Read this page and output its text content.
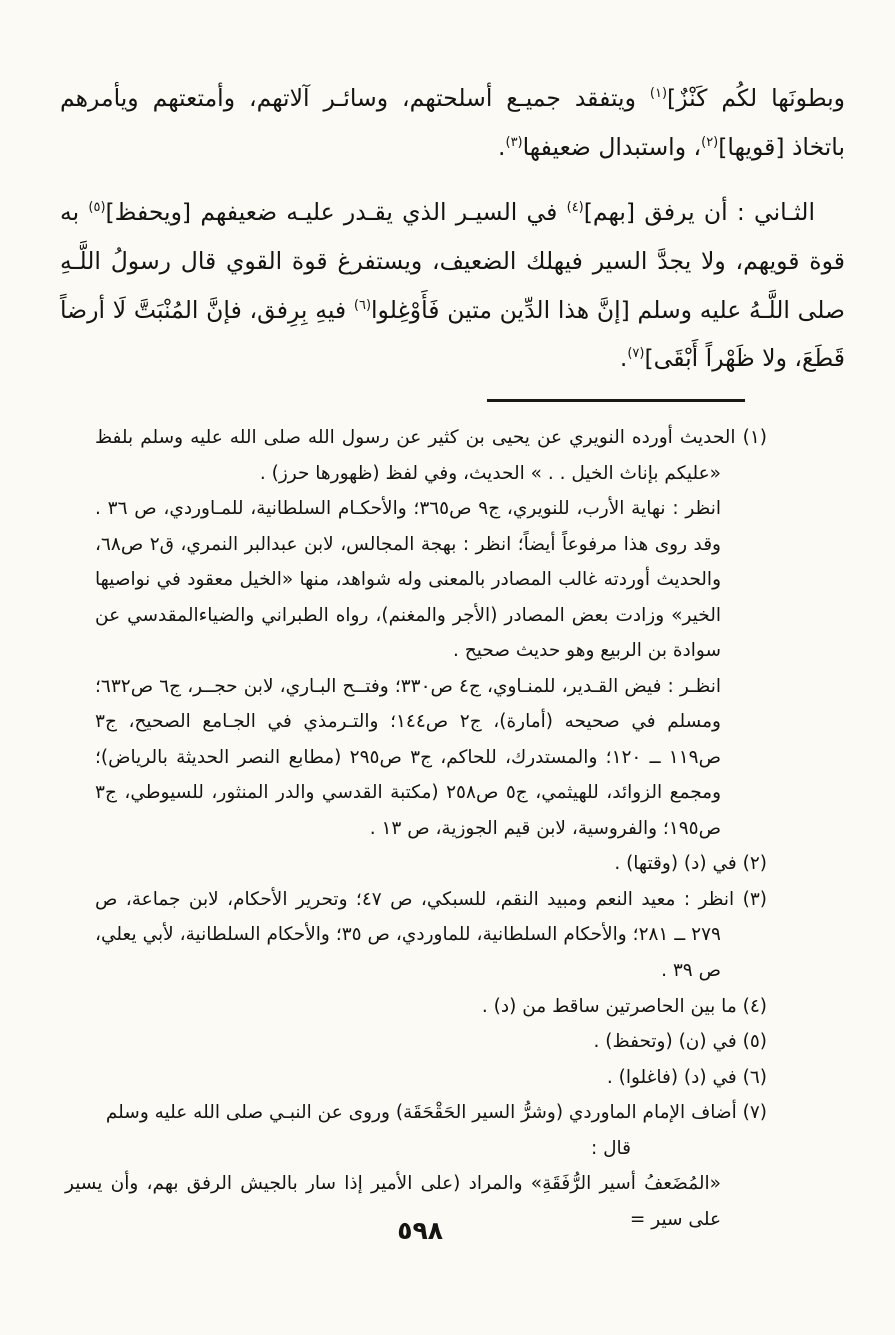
وبطونَها لكُم كَنْزٌ]$^{(١)}$ ويتفقد جميـع أسلحتهم، وسائـر آلاتهم، وأمتعتهم ويأمرهم باتخاذ [قويها]$^{(٢)}$، واستبدال ضعيفها$^{(٣)}$.

الثـاني : أن يرفق [بهم]$^{(٤)}$ في السيـر الذي يقـدر عليـه ضعيفهم [ويحفظ]$^{(٥)}$ به قوة قويهم، ولا يجدَّ السير فيهلك الضعيف، ويستفرغ قوة القوي قال رسولُ اللَّـهِ صلى اللَّـهُ عليه وسلم [إنَّ هذا الدِّين متين فَأَوْغِلوا$^{(٦)}$ فيهِ بِرِفق، فإنَّ المُنْبَتَّ لَا أرضاً قَطَعَ، ولا ظَهْراً أَبْقَى]$^{(٧)}$.

(١) الحديث أورده النويري عن يحيى بن كثير عن رسول الله صلى الله عليه وسلم بلفظ «عليكم بإناث الخيل . . » الحديث، وفي لفظ (ظهورها حرز) .

انظر : نهاية الأرب، للنويري، ج٩ ص٣٦٥؛ والأحكـام السلطانية، للمـاوردي، ص ٣٦ . وقد روى هذا مرفوعاً أيضاً؛ انظر : بهجة المجالس، لابن عبدالبر النمري، ق٢ ص٦٨، والحديث أوردته غالب المصادر بالمعنى وله شواهد، منها «الخيل معقود في نواصيها الخير» وزادت بعض المصادر (الأجر والمغنم)، رواه الطبراني والضياءالمقدسي عن سوادة بن الربيع وهو حديث صحيح .

انظـر : فيض القـدير، للمنـاوي، ج٤ ص٣٣٠؛ وفتــح البـاري، لابن حجــر، ج٦ ص٦٣٢؛ ومسلم في صحيحه (أمارة)، ج٢ ص١٤٤؛ والتـرمذي في الجـامع الصحيح، ج٣ ص١١٩ ــ ١٢٠؛ والمستدرك، للحاكم، ج٣ ص٢٩٥ (مطابع النصر الحديثة بالرياض)؛ ومجمع الزوائد، للهيثمي، ج٥ ص٢٥٨ (مكتبة القدسي والدر المنثور، للسيوطي، ج٣ ص١٩٥؛ والفروسية، لابن قيم الجوزية، ص ١٣ .

(٢) في (د) (وقتها) .

(٣) انظر : معيد النعم ومبيد النقم، للسبكي، ص ٤٧؛ وتحرير الأحكام، لابن جماعة، ص ٢٧٩ ــ ٢٨١؛ والأحكام السلطانية، للماوردي، ص ٣٥؛ والأحكام السلطانية، لأبي يعلي، ص ٣٩ .

(٤) ما بين الحاصرتين ساقط من (د) .

(٥) في (ن) (وتحفظ) .

(٦) في (د) (فاغلوا) .

(٧) أضاف الإمام الماوردي (وشرُّ السير الحَقْحَقَة) وروى عن النبـي صلى الله عليه وسلم

قال :

«المُضَعفُ أسير الرُّفَقَةِ» والمراد (على الأمير إذا سار بالجيش الرفق بهم، وأن يسير على سير =

٥٩٨
